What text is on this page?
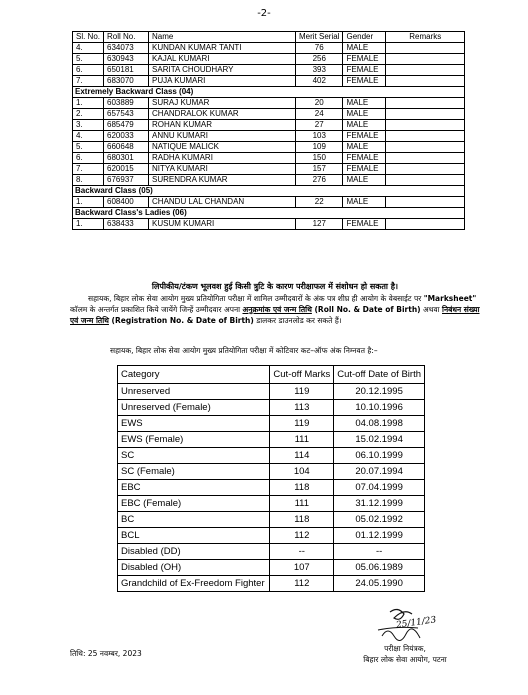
-2-
Sl. No.	Roll No.	Name	Merit Serial	Gender	Remarks
4.	634073	KUNDAN KUMAR TANTI	76	MALE	
5.	630943	KAJAL KUMARI	256	FEMALE	
6.	650181	SARITA CHOUDHARY	393	FEMALE	
7.	683070	PUJA KUMARI	402	FEMALE	
Extremely Backward Class (04)					
1.	603889	SURAJ KUMAR	20	MALE	
2.	657543	CHANDRALOK KUMAR	24	MALE	
3.	685479	ROHAN KUMAR	27	MALE	
4.	620033	ANNU KUMARI	103	FEMALE	
5.	660648	NATIQUE MALICK	109	MALE	
6.	680301	RADHA KUMARI	150	FEMALE	
7.	620015	NITYA KUMARI	157	FEMALE	
8.	676937	SURENDRA KUMAR	276	MALE	
Backward Class (05)					
1.	608400	CHANDU LAL CHANDAN	22	MALE	
Backward Class's Ladies (06)					
1.	638433	KUSUM KUMARI	127	FEMALE	
लिपीकीय/टंकण भूलवश हुई किसी त्रुटि के कारण परीक्षाफल में संशोधन हो सकता है।
सहायक, बिहार लोक सेवा आयोग मुख्य प्रतियोगिता परीक्षा में शामिल उम्मीदवारों के अंक पत्र शीघ्र ही आयोग के वेबसाईट पर "Marksheet" कॉलम के अन्तर्गत प्रकाशित किये जायेंगे जिन्हें उम्मीदवार अपना अनुक्रमांक एवं जन्म तिथि (Roll No. & Date of Birth) अथवा निबंधन संख्या एवं जन्म तिथि (Registration No. & Date of Birth) डालकर डाउनलोड कर सकते हैं।
सहायक, बिहार लोक सेवा आयोग मुख्य प्रतियोगिता परीक्षा में कोटिवार कट–ऑफ अंक निम्नवत है:–
Category	Cut-off Marks	Cut-off Date of Birth
Unreserved	119	20.12.1995
Unreserved (Female)	113	10.10.1996
EWS	119	04.08.1998
EWS (Female)	111	15.02.1994
SC	114	06.10.1999
SC (Female)	104	20.07.1994
EBC	118	07.04.1999
EBC (Female)	111	31.12.1999
BC	118	05.02.1992
BCL	112	01.12.1999
Disabled (DD)	--	--
Disabled (OH)	107	05.06.1989
Grandchild of Ex-Freedom Fighter	112	24.05.1990
तिथि: 25 नवम्बर, 2023
25/11/23
परीक्षा नियंत्रक,
बिहार लोक सेवा आयोग, पटना
